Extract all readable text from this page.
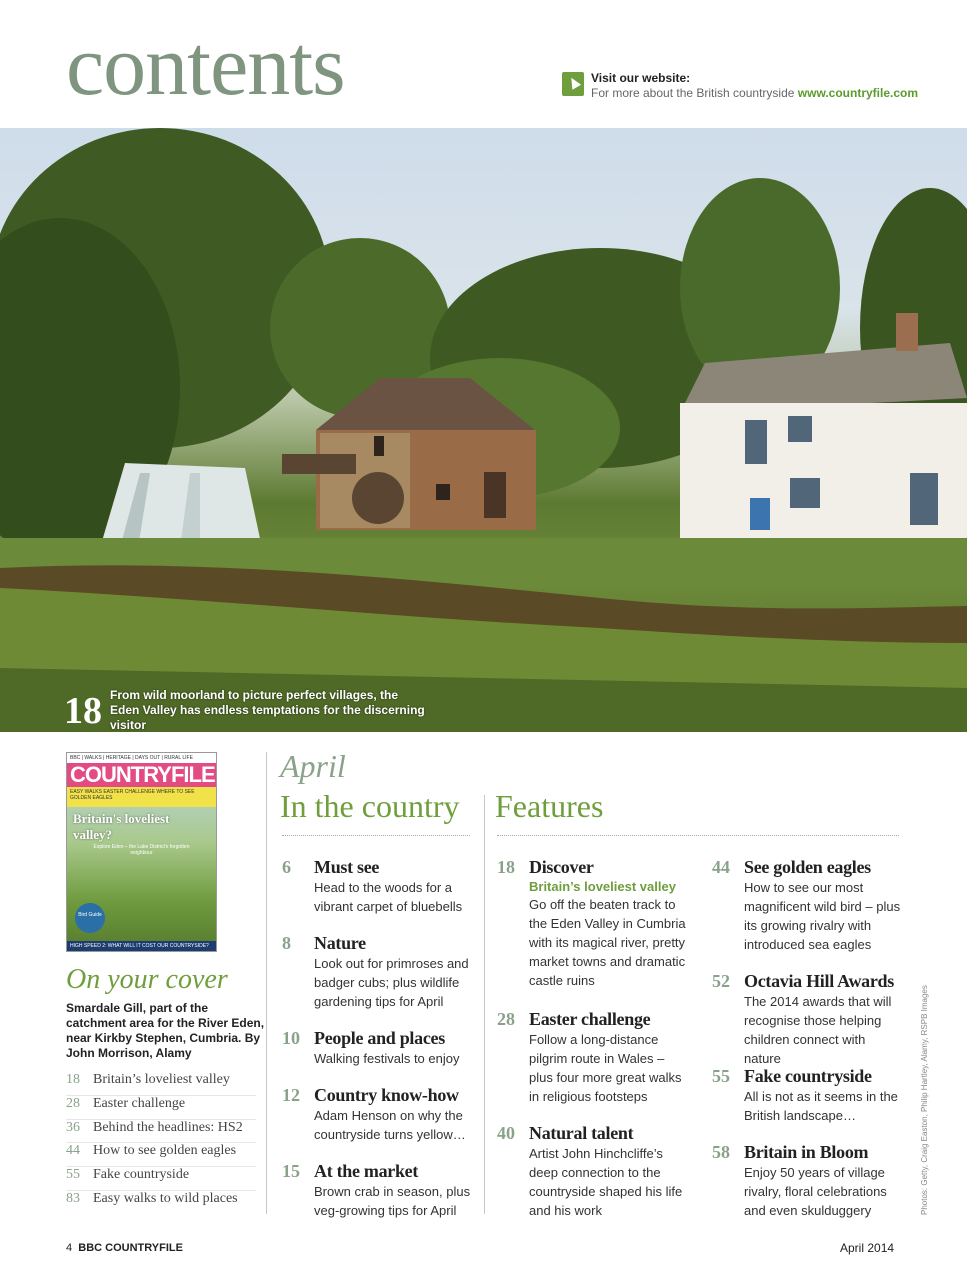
contents	Visit our website:
For more about the British countryside www.countryfile.com
18 From wild moorland to picture perfect villages, the Eden Valley has endless temptations for the discerning visitor
BBC | WALKS | HERITAGE | DAYS OUT | RURAL LIFE
COUNTRYFILE
EASY WALKS EASTER CHALLENGE WHERE TO SEE GOLDEN EAGLES
Britain's loveliest valley?
Explore Eden – the Lake District's forgotten neighbour
Bird Guide
HIGH SPEED 2: WHAT WILL IT COST OUR COUNTRYSIDE?
On your cover
Smardale Gill, part of the catchment area for the River Eden, near Kirkby Stephen, Cumbria. By John Morrison, Alamy
18 Britain’s loveliest valley
28 Easter challenge
36 Behind the headlines: HS2
44 How to see golden eagles
55 Fake countryside
83 Easy walks to wild places
April
In the country
6	Must see
Head to the woods for a vibrant carpet of bluebells
8	Nature
Look out for primroses and badger cubs; plus wildlife gardening tips for April
10 People and places
Walking festivals to enjoy
12 Country know-how
Adam Henson on why the countryside turns yellow…
15 At the market
Brown crab in season, plus veg-growing tips for April
Features
18 Discover
Britain’s loveliest valley
Go off the beaten track to the Eden Valley in Cumbria with its magical river, pretty market towns and dramatic castle ruins
28 Easter challenge
Follow a long-distance pilgrim route in Wales – plus four more great walks in religious footsteps
40 Natural talent
Artist John Hinchcliffe’s deep connection to the countryside shaped his life and his work
44 See golden eagles
How to see our most magnificent wild bird – plus its growing rivalry with introduced sea eagles
52 Octavia Hill Awards
The 2014 awards that will recognise those helping children connect with nature
55 Fake countryside
All is not as it seems in the British landscape…
58 Britain in Bloom
Enjoy 50 years of village rivalry, floral celebrations and even skulduggery	Photos: Getty, Craig Easton, Philip Hartley, Alamy, RSPB Images
4 BBC COUNTRYFILE	April 2014
